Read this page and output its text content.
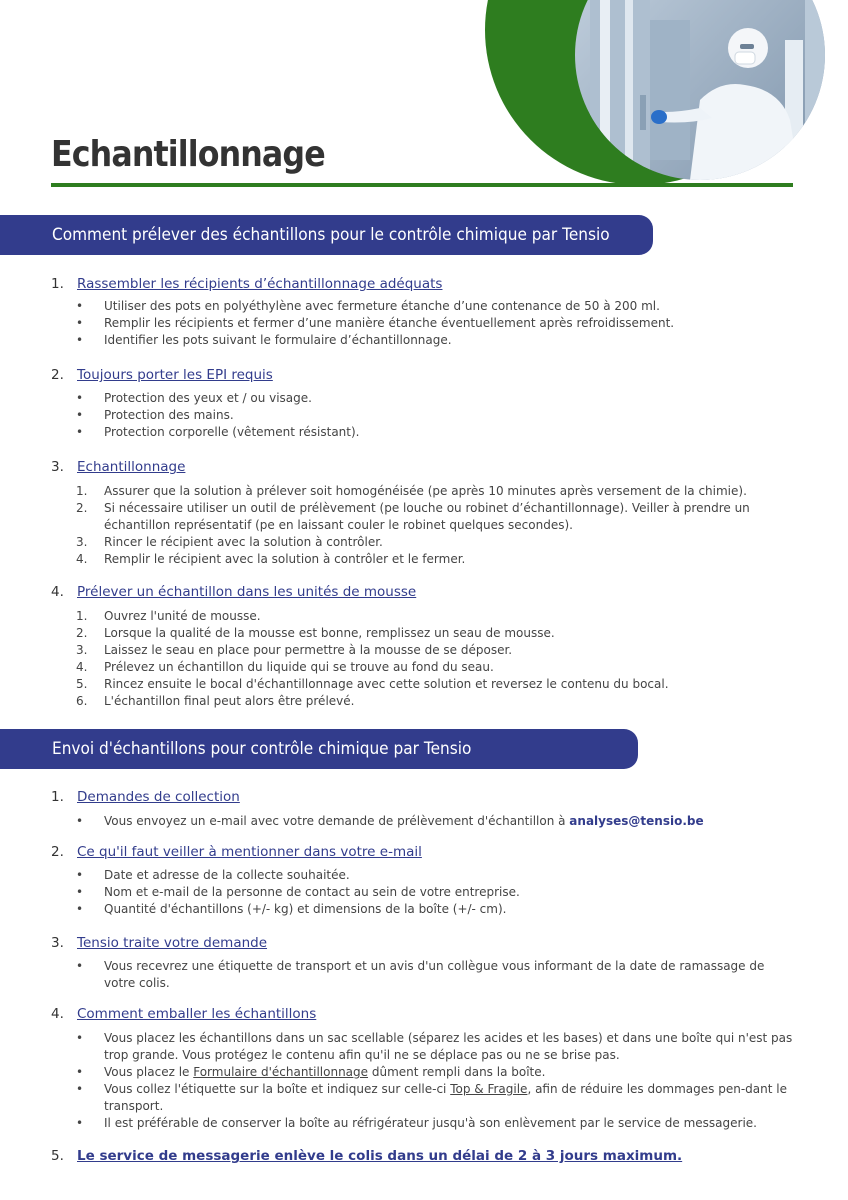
Echantillonnage
Comment prélever des échantillons pour le contrôle chimique par Tensio
1. Rassembler les récipients d’échantillonnage adéquats
•	Utiliser des pots en polyéthylène avec fermeture étanche d’une contenance de 50 à 200 ml.
•	Remplir les récipients et fermer d’une manière étanche éventuellement après refroidissement.
•	Identifier les pots suivant le formulaire d’échantillonnage.
2. Toujours porter les EPI requis
•	Protection des yeux et / ou visage.
•	Protection des mains.
•	Protection corporelle (vêtement résistant).
3. Echantillonnage
1.	Assurer que la solution à prélever soit homogénéisée (pe après 10 minutes après versement de la chimie).
2.	Si nécessaire utiliser un outil de prélèvement (pe louche ou robinet d’échantillonnage). Veiller à prendre un échantillon représentatif (pe en laissant couler le robinet quelques secondes).
3.	Rincer le récipient avec la solution à contrôler.
4.	Remplir le récipient avec la solution à contrôler et le fermer.
4. Prélever un échantillon dans les unités de mousse
1.	Ouvrez l'unité de mousse.
2.	Lorsque la qualité de la mousse est bonne, remplissez un seau de mousse.
3.	Laissez le seau en place pour permettre à la mousse de se déposer.
4.	Prélevez un échantillon du liquide qui se trouve au fond du seau.
5.	Rincez ensuite le bocal d'échantillonnage avec cette solution et reversez le contenu du bocal.
6.	L'échantillon final peut alors être prélevé.
Envoi d'échantillons pour contrôle chimique par Tensio
1. Demandes de collection
•	Vous envoyez un e-mail avec votre demande de prélèvement d'échantillon à analyses@tensio.be
2. Ce qu'il faut veiller à mentionner dans votre e-mail
•	Date et adresse de la collecte souhaitée.
•	Nom et e-mail de la personne de contact au sein de votre entreprise.
•	Quantité d'échantillons (+/- kg) et dimensions de la boîte (+/- cm).
3. Tensio traite votre demande
•	Vous recevrez une étiquette de transport et un avis d'un collègue vous informant de la date de ramassage de votre colis.
4. Comment emballer les échantillons
•	Vous placez les échantillons dans un sac scellable (séparez les acides et les bases) et dans une boîte qui n'est pas trop grande. Vous protégez le contenu afin qu'il ne se déplace pas ou ne se brise pas.
•	Vous placez le Formulaire d'échantillonnage dûment rempli dans la boîte.
•	Vous collez l'étiquette sur la boîte et indiquez sur celle-ci Top & Fragile, afin de réduire les dommages pen-dant le transport.
•	Il est préférable de conserver la boîte au réfrigérateur jusqu'à son enlèvement par le service de messagerie.
5. Le service de messagerie enlève le colis dans un délai de 2 à 3 jours maximum.
